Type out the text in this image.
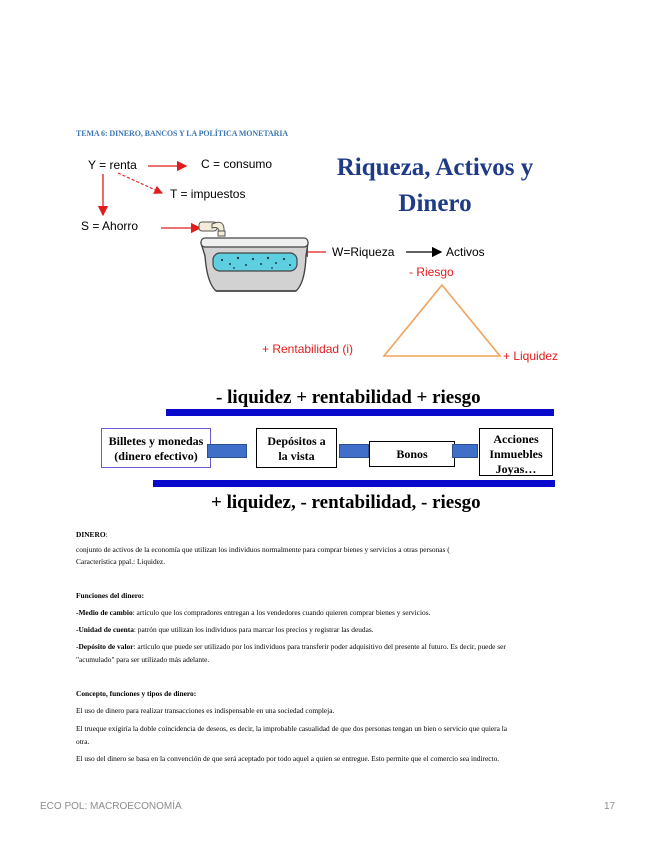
TEMA 6: DINERO, BANCOS Y LA POLÍTICA MONETARIA
Y = renta	C = consumo
T = impuestos
S = Ahorro
W=Riqueza	Activos
Riqueza, Activos y
Dinero
- Riesgo
+ Rentabilidad (i)	+ Liquidez
- liquidez + rentabilidad + riesgo
Billetes y monedas
(dinero efectivo)
Depósitos a
la vista	Bonos
Acciones
Inmuebles
Joyas…
+ liquidez, - rentabilidad, - riesgo
DINERO:
conjunto de activos de la economía que utilizan los individuos normalmente para comprar bienes y servicios a otras personas (
Característica ppal.: Liquidez.
Funciones del dinero:
-Medio de cambio: artículo que los compradores entregan a los vendedores cuando quieren comprar bienes y servicios.
-Unidad de cuenta: patrón que utilizan los individuos para marcar los precios y registrar las deudas.
-Depósito de valor: artículo que puede ser utilizado por los individuos para transferir poder adquisitivo del presente al futuro. Es decir, puede ser
"acumulado" para ser utilizado más adelante.
Concepto, funciones y tipos de dinero:
El uso de dinero para realizar transacciones es indispensable en una sociedad compleja.
El trueque exigiría la doble coincidencia de deseos, es decir, la improbable casualidad de que dos personas tengan un bien o servicio que quiera la
otra.
El uso del dinero se basa en la convención de que será aceptado por todo aquel a quien se entregue. Esto permite que el comercio sea indirecto.
ECO POL: MACROECONOMÍA	17
